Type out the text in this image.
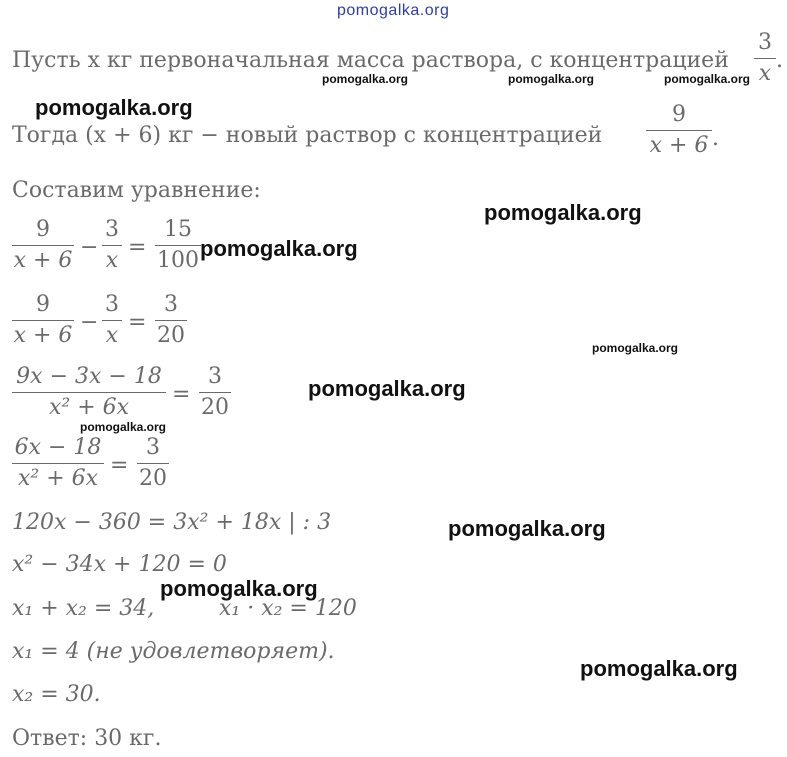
pomogalka.org
Пусть x кг первоначальная масса раствора, с концентрацией
3
x
.
pomogalka.org	pomogalka.org	pomogalka.org
pomogalka.org
Тогда (x + 6) кг − новый раствор с концентрацией
9
x + 6 .
Составим уравнение:
pomogalka.org
9
x + 6
−
3
x
=
15
100 pomogalka.org
9
x + 6
−
3
x
=
3
20	pomogalka.org
9x − 3x − 18
x² + 6x
=
3
20
pomogalka.org
pomogalka.org
6x − 18
x² + 6x
=
3
20
120x − 360 = 3x² + 18x | : 3	pomogalka.org
x² − 34x + 120 = 0
pomogalka.org
x₁ + x₂ = 34,	x₁ · x₂ = 120
x₁ = 4 (не удовлетворяет).
pomogalka.org
x₂ = 30.
Ответ: 30 кг.
